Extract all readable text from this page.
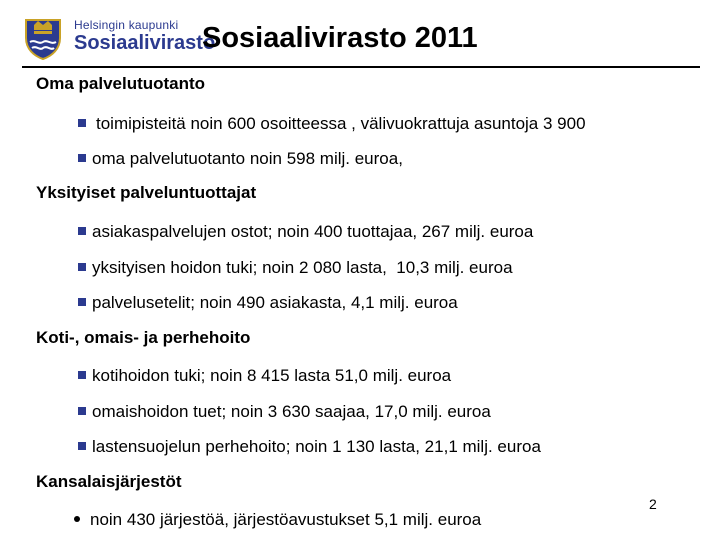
Helsingin kaupunki
Sosiaalivirasto
Sosiaalivirasto 2011
Oma palvelutuotanto
toimipisteitä noin 600 osoitteessa , välivuokrattuja asuntoja 3 900
oma palvelutuotanto noin 598 milj. euroa,
Yksityiset palveluntuottajat
asiakaspalvelujen ostot; noin 400 tuottajaa, 267 milj. euroa
yksityisen hoidon tuki; noin 2 080 lasta,  10,3 milj. euroa
palvelusetelit; noin 490 asiakasta, 4,1 milj. euroa
Koti-, omais- ja perhehoito
kotihoidon tuki; noin 8 415 lasta 51,0 milj. euroa
omaishoidon tuet; noin 3 630 saajaa, 17,0 milj. euroa
lastensuojelun perhehoito; noin 1 130 lasta, 21,1 milj. euroa
Kansalaisjärjestöt
noin 430 järjestöä, järjestöavustukset 5,1 milj. euroa
2
